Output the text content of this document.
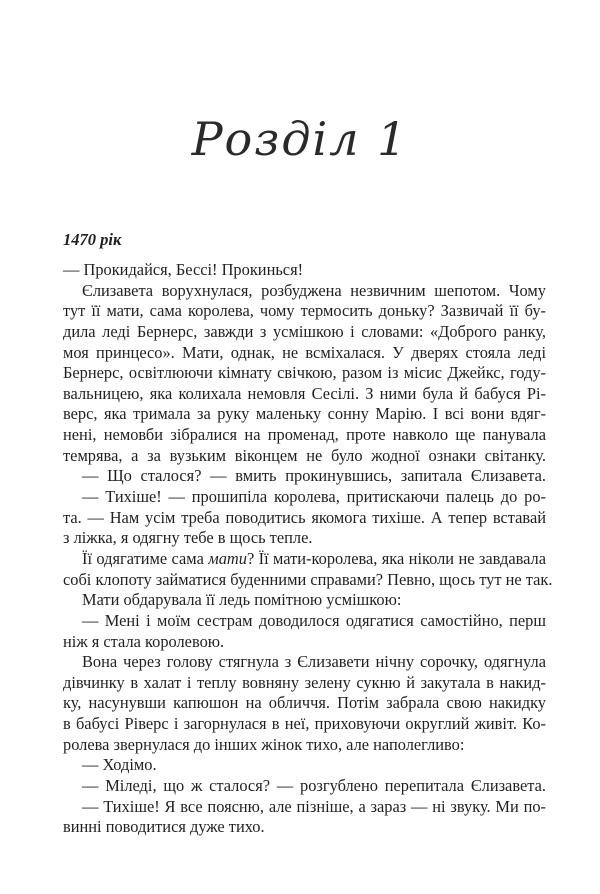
Розділ 1
1470 рік
— Прокидайся, Бессі! Прокинься!
Єлизавета ворухнулася, розбуджена незвичним шепотом. Чому
тут її мати, сама королева, чому термосить доньку? Зазвичай її бу-
дила леді Бернерс, завжди з усмішкою і словами: «Доброго ранку,
моя принцесо». Мати, однак, не всміхалася. У дверях стояла леді
Бернерс, освітлюючи кімнату свічкою, разом із місис Джейкс, году-
вальницею, яка колихала немовля Сесілі. З ними була й бабуся Рі-
верс, яка тримала за руку маленьку сонну Марію. І всі вони вдяг-
нені, немовби зібралися на променад, проте навколо ще панувала
темрява, а за вузьким віконцем не було жодної ознаки світанку.
— Що сталося? — вмить прокинувшись, запитала Єлизавета.
— Тихіше! — прошипіла королева, притискаючи палець до ро-
та. — Нам усім треба поводитись якомога тихіше. А тепер вставай
з ліжка, я одягну тебе в щось тепле.
Її одягатиме сама мати? Її мати-королева, яка ніколи не завдавала
собі клопоту займатися буденними справами? Певно, щось тут не так.
Мати обдарувала її ледь помітною усмішкою:
— Мені і моїм сестрам доводилося одягатися самостійно, перш
ніж я стала королевою.
Вона через голову стягнула з Єлизавети нічну сорочку, одягнула
дівчинку в халат і теплу вовняну зелену сукню й закутала в накид-
ку, насунувши капюшон на обличчя. Потім забрала свою накидку
в бабусі Ріверс і загорнулася в неї, приховуючи округлий живіт. Ко-
ролева звернулася до інших жінок тихо, але наполегливо:
— Ходімо.
— Міледі, що ж сталося? — розгублено перепитала Єлизавета.
— Тихіше! Я все поясню, але пізніше, а зараз — ні звуку. Ми по-
винні поводитися дуже тихо.
